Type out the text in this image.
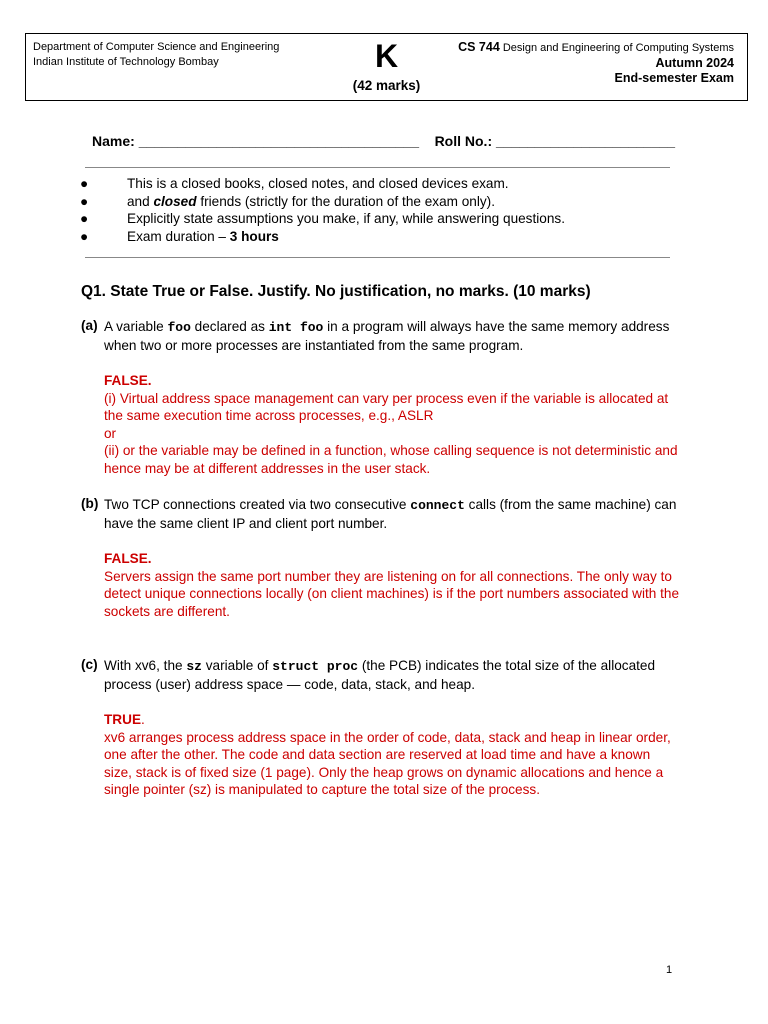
Department of Computer Science and Engineering
Indian Institute of Technology Bombay	K
(42 marks)
CS 744 Design and Engineering of Computing Systems
Autumn 2024
End-semester Exam
Name: ____________________________________ Roll No.: _______________________
●	This is a closed books, closed notes, and closed devices exam.
●	and closed friends (strictly for the duration of the exam only).
●	Explicitly state assumptions you make, if any, while answering questions.
●	Exam duration – 3 hours
Q1. State True or False. Justify. No justification, no marks. (10 marks)
(a) A variable foo declared as int foo in a program will always have the same memory address when two or more processes are instantiated from the same program.
FALSE.
(i) Virtual address space management can vary per process even if the variable is allocated at the same execution time across processes, e.g., ASLR
or
(ii) or the variable may be defined in a function, whose calling sequence is not deterministic and hence may be at different addresses in the user stack.
(b) Two TCP connections created via two consecutive connect calls (from the same machine) can have the same client IP and client port number.
FALSE.
Servers assign the same port number they are listening on for all connections. The only way to detect unique connections locally (on client machines) is if the port numbers associated with the sockets are different.
(c) With xv6, the sz variable of struct proc (the PCB) indicates the total size of the allocated process (user) address space — code, data, stack, and heap.
TRUE.
xv6 arranges process address space in the order of code, data, stack and heap in linear order, one after the other. The code and data section are reserved at load time and have a known size, stack is of fixed size (1 page). Only the heap grows on dynamic allocations and hence a single pointer (sz) is manipulated to capture the total size of the process.
1
